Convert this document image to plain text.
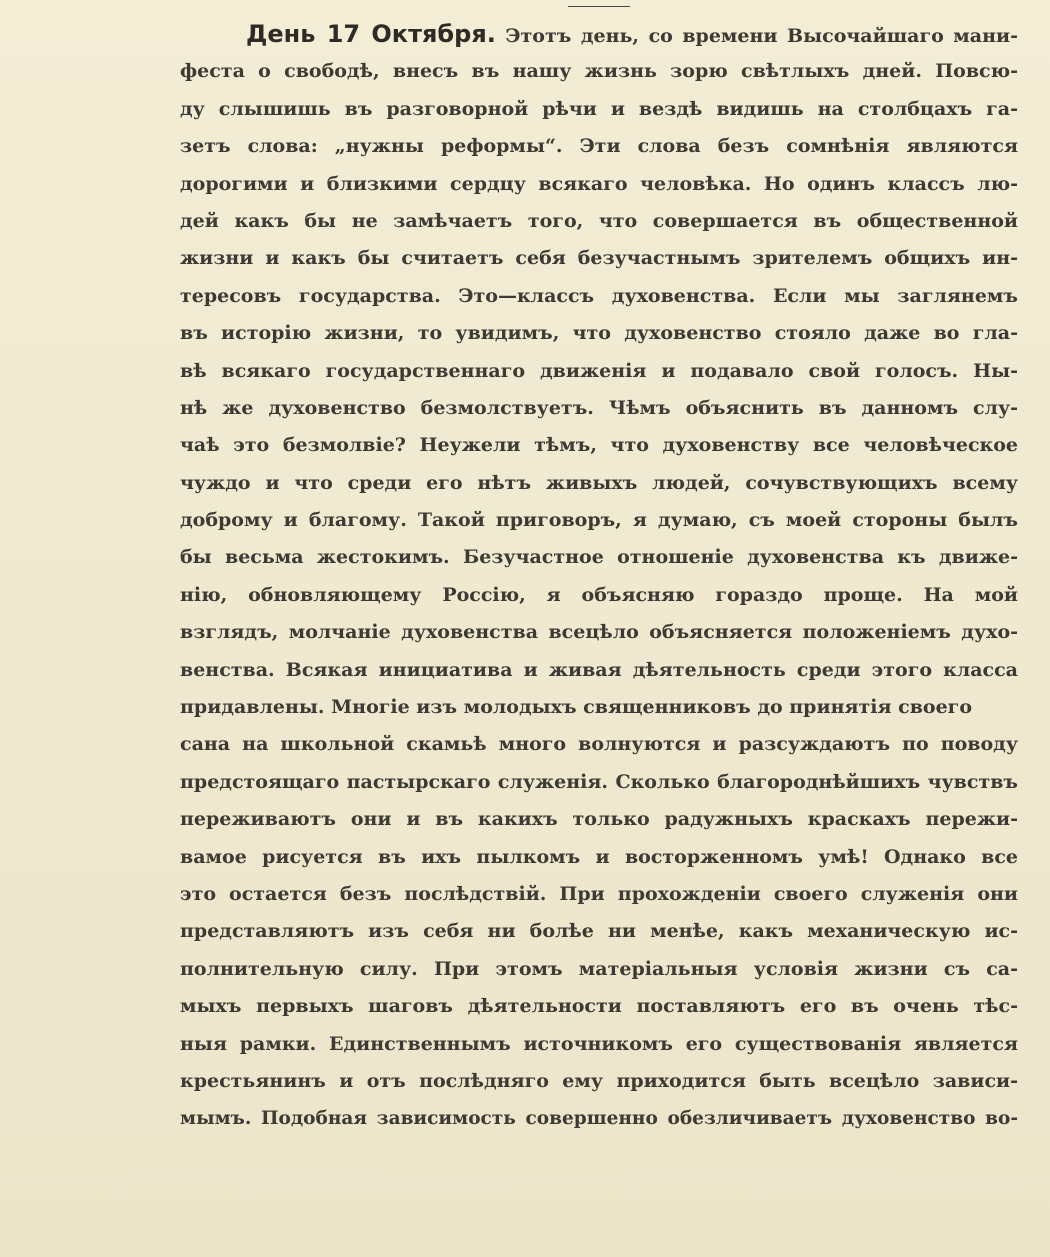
День 17 Октября. Этотъ день, со времени Высочайшаго мани-
феста о свободѣ, внесъ въ нашу жизнь зорю свѣтлыхъ дней. Повсю-
ду слышишь въ разговорной рѣчи и вездѣ видишь на столбцахъ га-
зетъ слова: „нужны реформы“. Эти слова безъ сомнѣнія являются
дорогими и близкими сердцу всякаго человѣка. Но одинъ классъ лю-
дей какъ бы не замѣчаетъ того, что совершается въ общественной
жизни и какъ бы считаетъ себя безучастнымъ зрителемъ общихъ ин-
тересовъ государства. Это—классъ духовенства. Если мы заглянемъ
въ исторію жизни, то увидимъ, что духовенство стояло даже во гла-
вѣ всякаго государственнаго движенія и подавало свой голосъ. Ны-
нѣ же духовенство безмолствуетъ. Чѣмъ объяснить въ данномъ слу-
чаѣ это безмолвіе? Неужели тѣмъ, что духовенству все человѣческое
чуждо и что среди его нѣтъ живыхъ людей, сочувствующихъ всему
доброму и благому. Такой приговоръ, я думаю, съ моей стороны былъ
бы весьма жестокимъ. Безучастное отношеніе духовенства къ движе-
нію, обновляющему Россію, я объясняю гораздо проще. На мой
взглядъ, молчаніе духовенства всецѣло объясняется положеніемъ духо-
венства. Всякая инициатива и живая дѣятельность среди этого класса
придавлены. Многіе изъ молодыхъ священниковъ до принятія своего
сана на школьной скамьѣ много волнуются и разсуждаютъ по поводу
предстоящаго пастырскаго служенія. Сколько благороднѣйшихъ чувствъ
переживаютъ они и въ какихъ только радужныхъ краскахъ пережи-
вамое рисуется въ ихъ пылкомъ и восторженномъ умѣ! Однако все
это остается безъ послѣдствій. При прохожденіи своего служенія они
представляютъ изъ себя ни болѣе ни менѣе, какъ механическую ис-
полнительную силу. При этомъ матеріальныя условія жизни съ са-
мыхъ первыхъ шаговъ дѣятельности поставляютъ его въ очень тѣс-
ныя рамки. Единственнымъ источникомъ его существованія является
крестьянинъ и отъ послѣдняго ему приходится быть всецѣло завиcи-
мымъ. Подобная зависимость совершенно обезличиваетъ духовенство во-
